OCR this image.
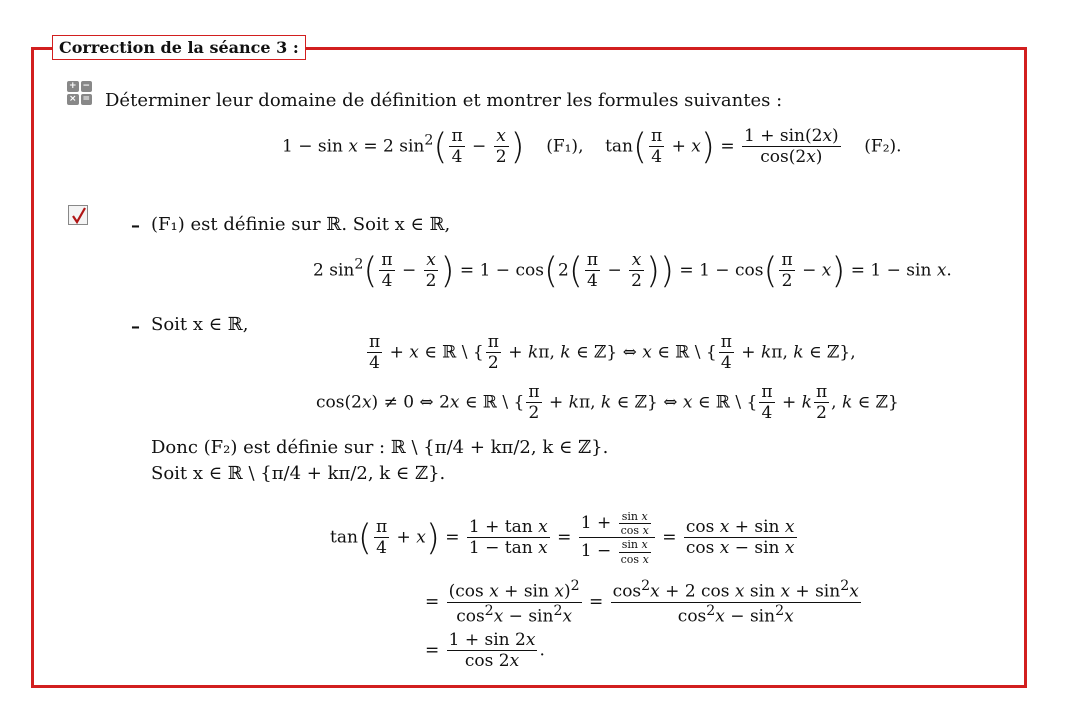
Correction de la séance 3 :
+ −
× = Déterminer leur domaine de définition et montrer les formules suivantes :
1 − sin x = 2 $\sin^2( \frac{\pi}{4} - \frac{x}{2}$ ) (F₁),    $\tan( \frac{\pi}{4} + x) = \frac{1 + \sin(2x)}{\cos(2x)} (F_2)$.
– (F₁) est définie sur ℝ. Soit x ∈ ℝ,
2 $\sin^2( \frac{\pi}{4} - \frac{x}{2}$ ) = $1 - \cos(2( \frac{\pi}{4} - \frac{x}{2}$ )) = $1 - \cos( \frac{\pi}{2} - x) = 1 - \sin x$.
– Soit x ∈ ℝ,
$\frac{\pi}{4} + x$ ∈ ℝ \ { $\frac{\pi}{2} + k\pi$, k ∈ ℤ} ⇔ x ∈ ℝ \ { $\frac{\pi}{4} + k\pi$, k ∈ ℤ},
cos(2x) ≠ 0 ⇔ 2x ∈ ℝ \ { $\frac{\pi}{2} + k\pi$, k ∈ ℤ} ⇔ x ∈ ℝ \ { $\frac{\pi}{4} + k \frac{\pi}{2}$ , k ∈ ℤ}
Donc (F₂) est définie sur : ℝ \ {π/4 + kπ/2, k ∈ ℤ}.
Soit x ∈ ℝ \ {π/4 + kπ/2, k ∈ ℤ}.
$\tan( \frac{\pi}{4} + x) = \frac{\text{1 + tan x}}{\text{1 − tan x}} = \frac{1 + \frac{\text{sin x}}{\text{cos x}}}{1 - \frac{\text{sin x}}{\text{cos x}}} = \frac{\text{cos x + sin x}}{\text{cos x − sin x}}$
= $\frac{(\cos x + \sin x)^2}{\cos^2x - \sin^2x} = \frac{\cos^2x + 2 \cos x \sin x + \sin^2x}{\cos^2x - \sin^2x}$
= $\frac{1 + \sin 2x}{\cos 2x}$ .
